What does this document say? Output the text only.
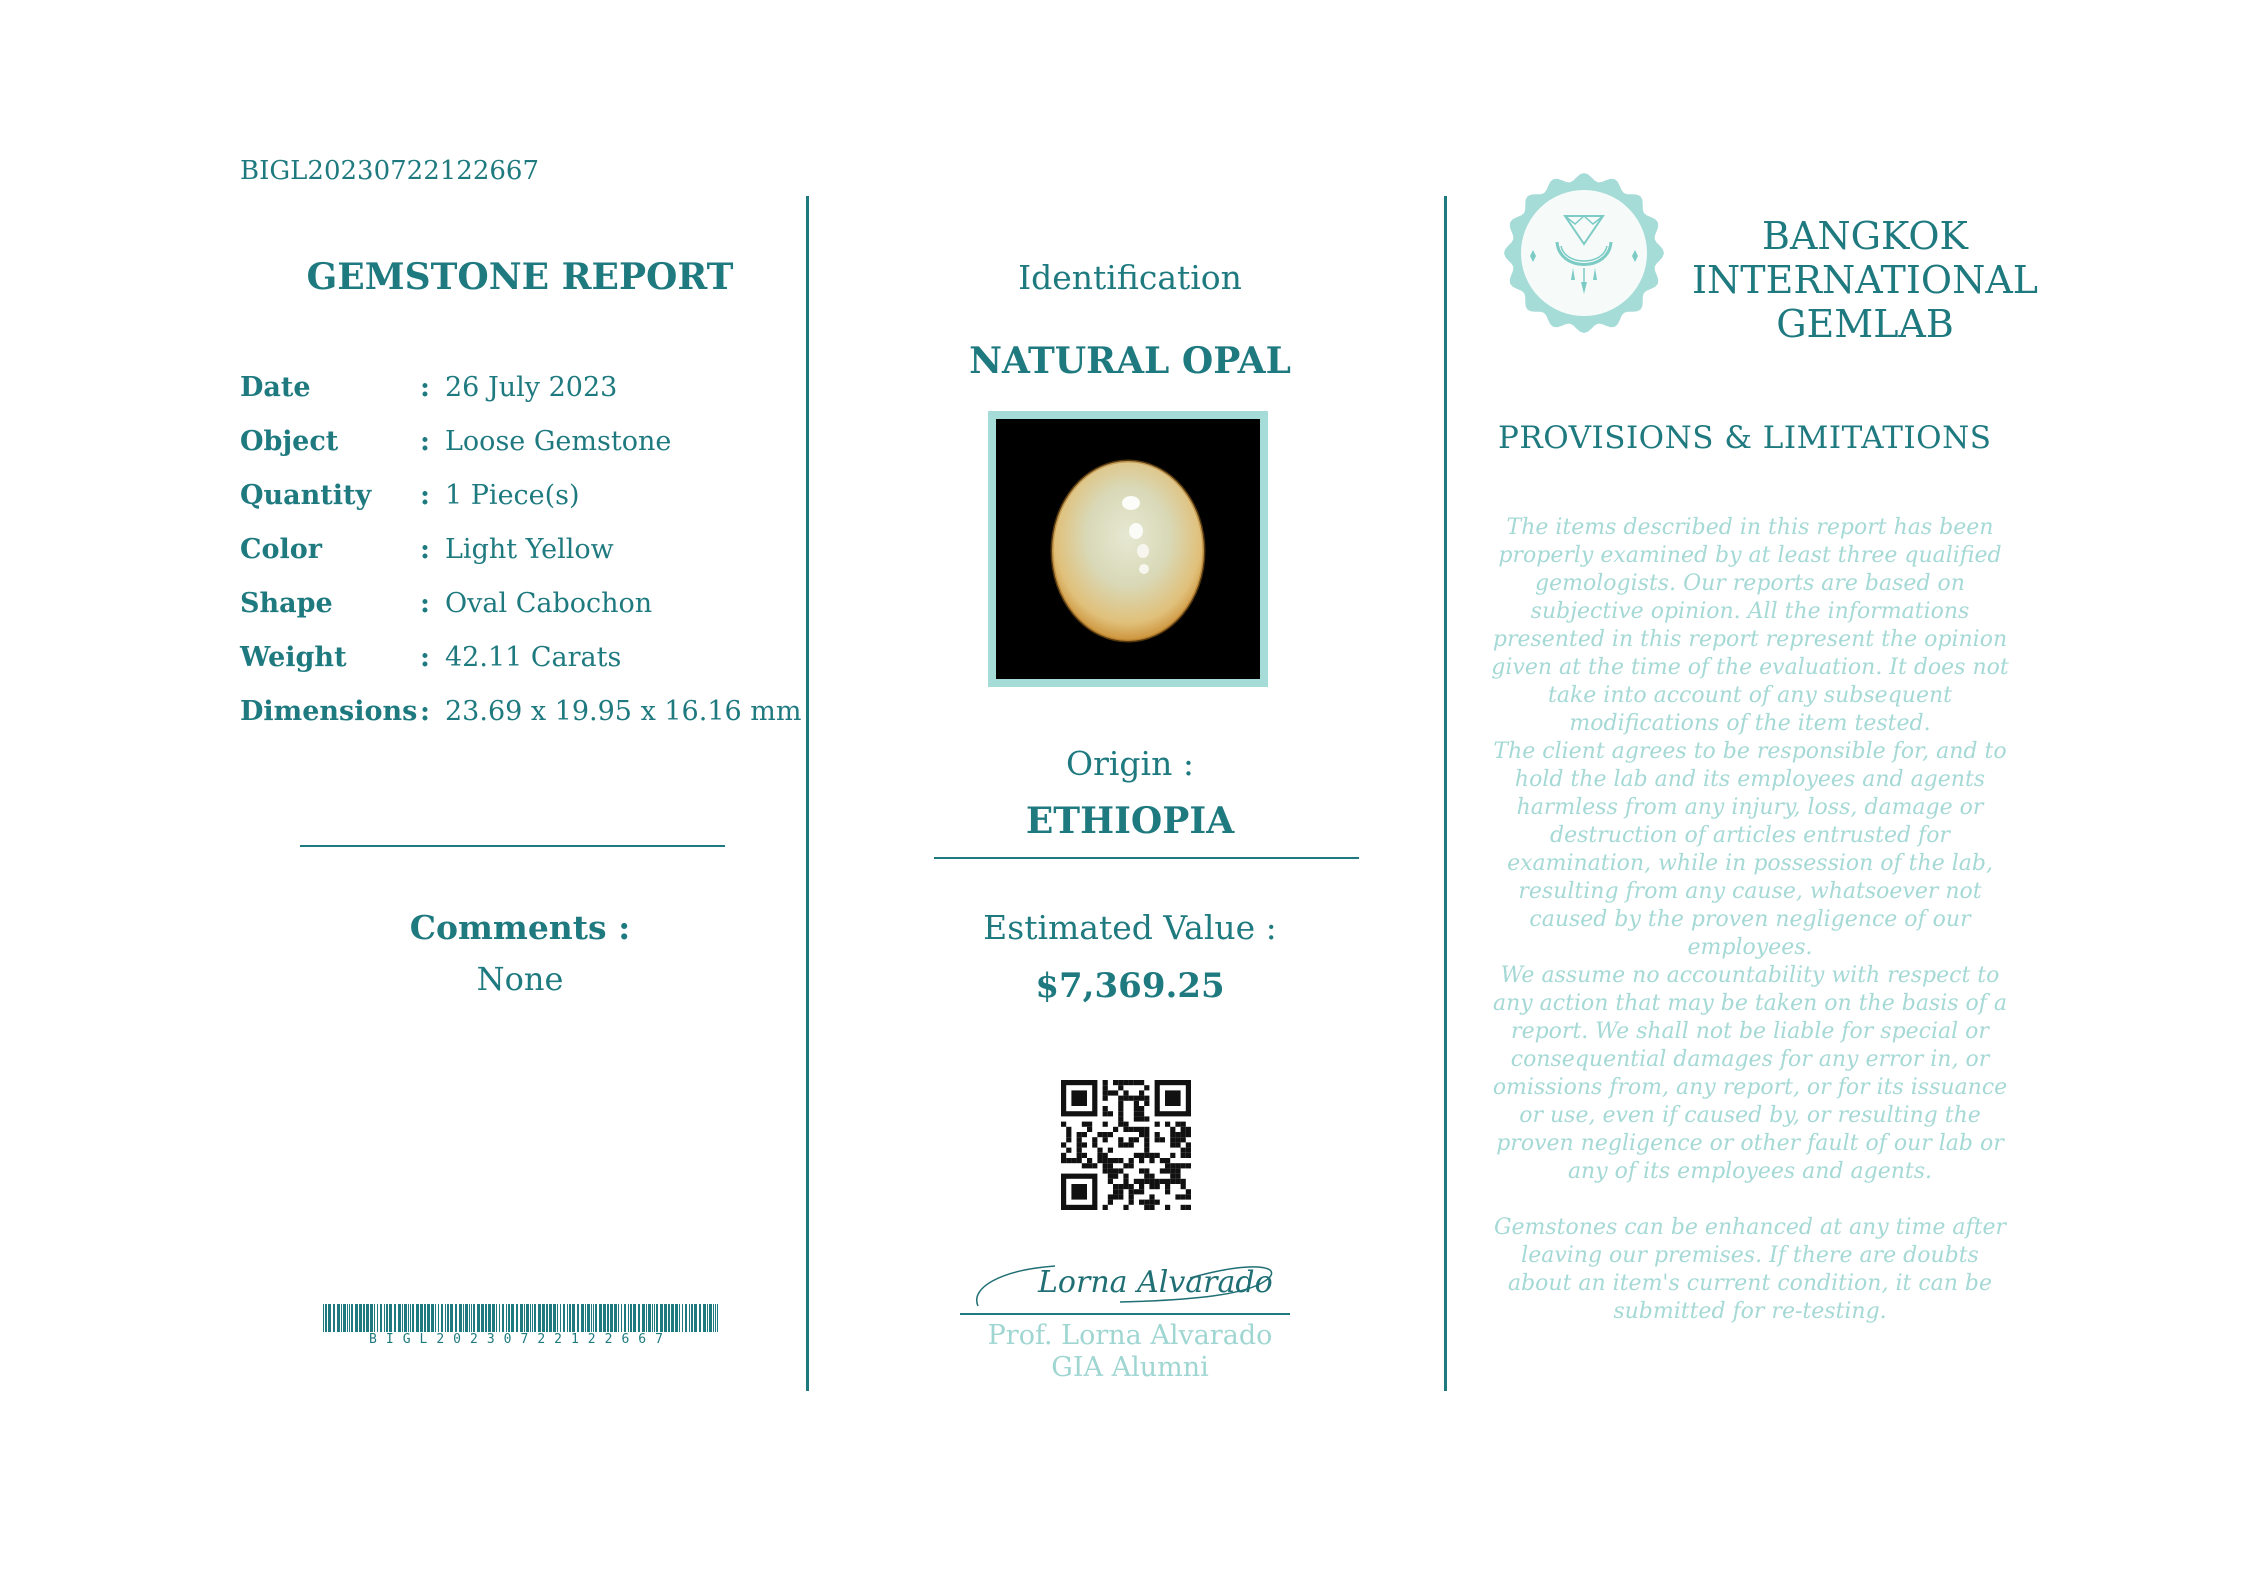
BIGL20230722122667
GEMSTONE REPORT
Date	: 26 July 2023
Object	: Loose Gemstone
Quantity : 1 Piece(s)
Color	: Light Yellow
Shape	: Oval Cabochon
Weight	: 42.11 Carats
Dimensions : 23.69 x 19.95 x 16.16 mm
Comments :
None
BIGL20230722122667
Identification
NATURAL OPAL
Origin :
ETHIOPIA
Estimated Value :
$7,369.25
Lorna Alvarado
Prof. Lorna Alvarado
GIA Alumni
BANGKOK
INTERNATIONAL
GEMLAB
PROVISIONS & LIMITATIONS
The items described in this report has been properly examined by at least three qualified gemologists. Our reports are based on subjective opinion. All the informations presented in this report represent the opinion given at the time of the evaluation. It does not take into account of any subsequent modifications of the item tested.
The client agrees to be responsible for, and to hold the lab and its employees and agents harmless from any injury, loss, damage or destruction of articles entrusted for examination, while in possession of the lab, resulting from any cause, whatsoever not caused by the proven negligence of our employees.
We assume no accountability with respect to any action that may be taken on the basis of a report. We shall not be liable for special or consequential damages for any error in, or omissions from, any report, or for its issuance or use, even if caused by, or resulting the proven negligence or other fault of our lab or any of its employees and agents.
Gemstones can be enhanced at any time after leaving our premises. If there are doubts about an item's current condition, it can be submitted for re-testing.
